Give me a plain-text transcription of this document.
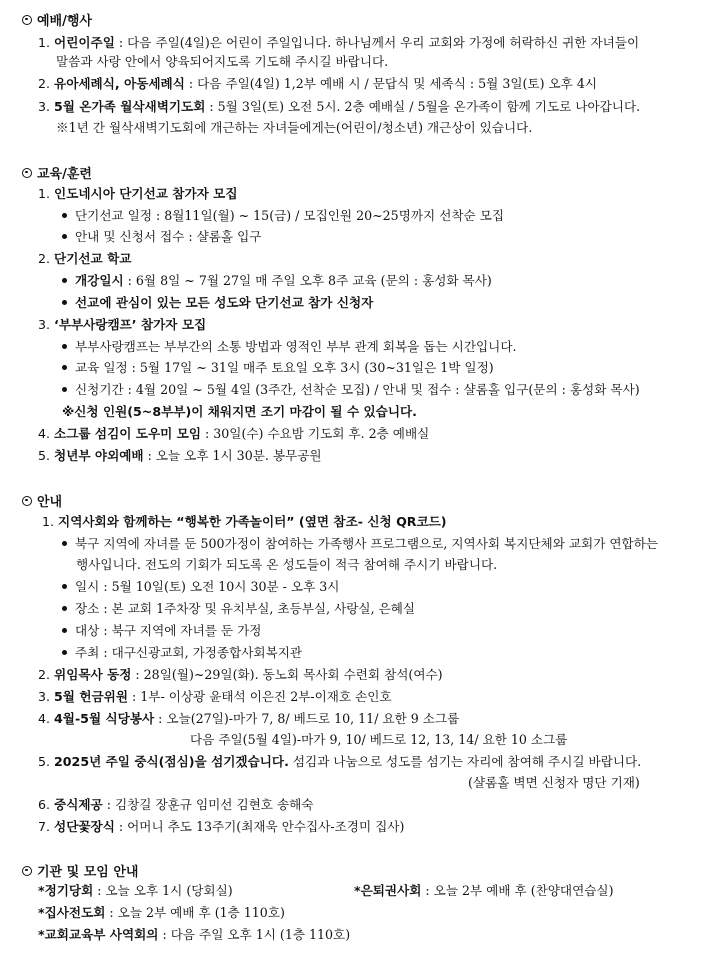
예배/행사
1. 어린이주일 : 다음 주일(4일)은 어린이 주일입니다. 하나님께서 우리 교회와 가정에 허락하신 귀한 자녀들이
말씀과 사랑 안에서 양육되어지도록 기도해 주시길 바랍니다.
2. 유아세례식, 아동세례식 : 다음 주일(4일) 1,2부 예배 시 / 문답식 및 세족식 : 5월 3일(토) 오후 4시
3. 5월 온가족 월삭새벽기도회 : 5월 3일(토) 오전 5시. 2층 예배실 / 5월을 온가족이 함께 기도로 나아갑니다.
※1년 간 월삭새벽기도회에 개근하는 자녀들에게는(어린이/청소년) 개근상이 있습니다.
교육/훈련
1. 인도네시아 단기선교 참가자 모집
단기선교 일정 : 8월11일(월) ~ 15(금) / 모집인원 20~25명까지 선착순 모집
안내 및 신청서 접수 : 샬롬홀 입구
2. 단기선교 학교
개강일시 : 6월 8일 ~ 7월 27일 매 주일 오후 8주 교육 (문의 : 홍성화 목사)
선교에 관심이 있는 모든 성도와 단기선교 참가 신청자
3. ‘부부사랑캠프’ 참가자 모집
부부사랑캠프는 부부간의 소통 방법과 영적인 부부 관계 회복을 돕는 시간입니다.
교육 일정 : 5월 17일 ~ 31일 매주 토요일 오후 3시 (30~31일은 1박 일정)
신청기간 : 4월 20일 ~ 5월 4일 (3주간, 선착순 모집) / 안내 및 접수 : 샬롬홀 입구(문의 : 홍성화 목사)
※신청 인원(5~8부부)이 채워지면 조기 마감이 될 수 있습니다.
4. 소그룹 섬김이 도우미 모임 : 30일(수) 수요밤 기도회 후. 2층 예배실
5. 청년부 야외예배 : 오늘 오후 1시 30분. 봉무공원
안내
1. 지역사회와 함께하는 “행복한 가족놀이터” (옆면 참조- 신청 QR코드)
북구 지역에 자녀를 둔 500가정이 참여하는 가족행사 프로그램으로, 지역사회 복지단체와 교회가 연합하는
행사입니다. 전도의 기회가 되도록 온 성도들이 적극 참여해 주시기 바랍니다.
일시 : 5월 10일(토) 오전 10시 30분 - 오후 3시
장소 : 본 교회 1주차장 및 유치부실, 초등부실, 사랑실, 은혜실
대상 : 북구 지역에 자녀를 둔 가정
주최 : 대구신광교회, 가정종합사회복지관
2. 위임목사 동정 : 28일(월)~29일(화). 동노회 목사회 수련회 참석(여수)
3. 5월 헌금위원 : 1부- 이상광 윤태석 이은진 2부-이재호 손인호
4. 4월-5월 식당봉사 : 오늘(27일)-마가 7, 8/ 베드로 10, 11/ 요한 9 소그룹
다음 주일(5월 4일)-마가 9, 10/ 베드로 12, 13, 14/ 요한 10 소그룹
5. 2025년 주일 중식(점심)을 섬기겠습니다. 섬김과 나눔으로 성도를 섬기는 자리에 참여해 주시길 바랍니다.
(샬롬홀 벽면 신청자 명단 기재)
6. 중식제공 : 김창길 장훈규 임미선 김현호 송해숙
7. 성단꽃장식 : 어머니 추도 13주기(최재욱 안수집사-조경미 집사)
기관 및 모임 안내
*정기당회 : 오늘 오후 1시 (당회실)	*은퇴권사회 : 오늘 2부 예배 후 (찬양대연습실)
*집사전도회 : 오늘 2부 예배 후 (1층 110호)
*교회교육부 사역회의 : 다음 주일 오후 1시 (1층 110호)
